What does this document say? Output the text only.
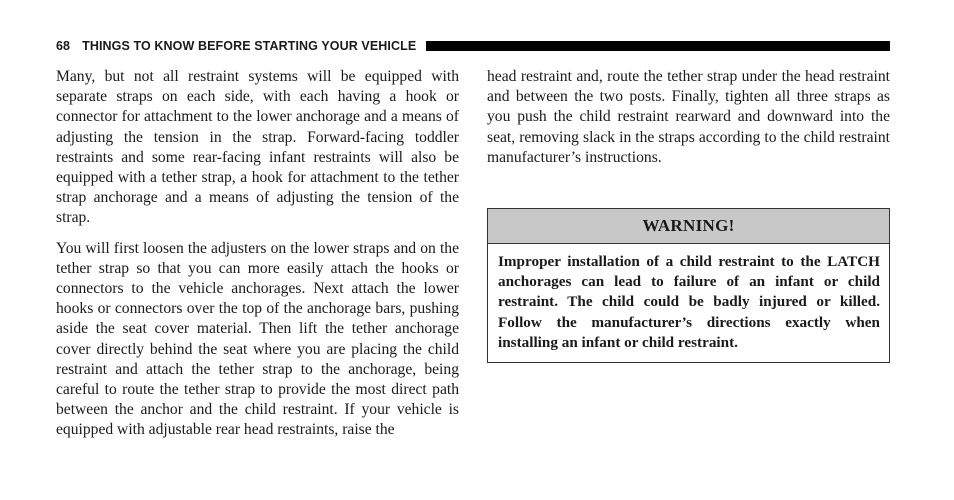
68 THINGS TO KNOW BEFORE STARTING YOUR VEHICLE

Many, but not all restraint systems will be equipped with separate straps on each side, with each having a hook or connector for attachment to the lower anchorage and a means of adjusting the tension in the strap. Forward-facing toddler restraints and some rear-facing infant restraints will also be equipped with a tether strap, a hook for attachment to the tether strap anchorage and a means of adjusting the tension of the strap.

You will first loosen the adjusters on the lower straps and on the tether strap so that you can more easily attach the hooks or connectors to the vehicle anchorages. Next attach the lower hooks or connectors over the top of the anchorage bars, pushing aside the seat cover material. Then lift the tether anchorage cover directly behind the seat where you are placing the child restraint and attach the tether strap to the anchorage, being careful to route the tether strap to provide the most direct path between the anchor and the child restraint. If your vehicle is equipped with adjustable rear head restraints, raise the

head restraint and, route the tether strap under the head restraint and between the two posts. Finally, tighten all three straps as you push the child restraint rearward and downward into the seat, removing slack in the straps according to the child restraint manufacturer’s instructions.

WARNING!
Improper installation of a child restraint to the LATCH anchorages can lead to failure of an infant or child restraint. The child could be badly injured or killed. Follow the manufacturer’s directions exactly when installing an infant or child restraint.
